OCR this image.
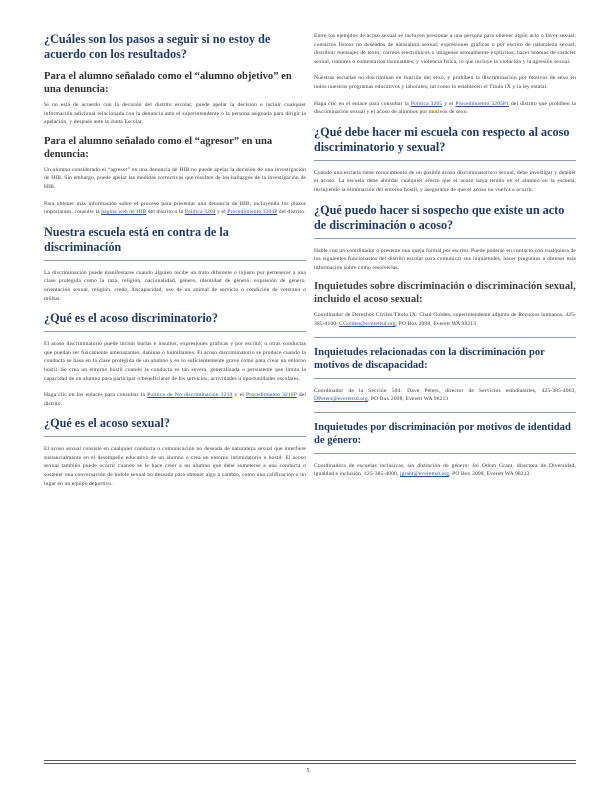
¿Cuáles son los pasos a seguir si no estoy de acuerdo con los resultados?
Para el alumno señalado como el “alumno objetivo” en una denuncia:

Si no está de acuerdo con la decisión del distrito escolar, puede apelar la decisión e incluir cualquier información adicional relacionada con la denuncia ante el superintendente o la persona asignada para dirigir la apelación, y después ante la Junta Escolar.

Para el alumno señalado como el “agresor” en una denuncia:

Un alumno considerado el “agresor” en una denuncia de HIB no puede apelar la decisión de una investigación de HIB. Sin embargo, puede apelar las medidas correctivas que resulten de los hallazgos de la investigación de HIB.

Para obtener más información sobre el proceso para presentar una denuncia de HIB, incluyendo los plazos importantes, consulte la página web de HIB del distrito o la Política 3204 y el Procedimiento 3204P del distrito.

Nuestra escuela está en contra de la discriminación

La discriminación puede manifestarse cuando alguien recibe un trato diferente o injusto por pertenecer a una clase protegida como la raza, religión, nacionalidad, género, identidad de género, expresión de género, orientación sexual, religión, credo, discapacidad, uso de un animal de servicio o condición de veterano o militar.

¿Qué es el acoso discriminatorio?

El acoso discriminatorio puede incluir burlas e insultos; expresiones gráficas y por escrito; u otras conductas que puedan ser físicamente amenazantes, dañinas o humillantes. El acoso discriminatorio se produce cuando la conducta se basa en la clase protegida de un alumno y es lo suficientemente grave como para crear un entorno hostil. Se crea un entorno hostil cuando la conducta es tan severa, generalizada o persistente que limita la capacidad de un alumno para participar o beneficiarse de los servicios, actividades u oportunidades escolares.

Haga clic en los enlaces para consultar la Política de No discriminación 3210 y el Procedimiento 3210P del distrito.

¿Qué es el acoso sexual?

El acoso sexual consiste en cualquier conducta o comunicación no deseada de naturaleza sexual que interfiere sustancialmente en el desempeño educativo de un alumno o crea un entorno intimidatorio u hostil. El acoso sexual también puede ocurrir cuando se le hace creer a un alumno que debe someterse a una conducta o sostener una conversación de índole sexual no deseada para obtener algo a cambio, como una calificación o un lugar en un equipo deportivo.

Entre los ejemplos de acoso sexual se incluyen presionar a una persona para obtener algún acto o favor sexual; contactos físicos no deseados de naturaleza sexual; expresiones gráficas o por escrito de naturaleza sexual; distribuir mensajes de texto, correos electrónicos o imágenes sexualmente explícitos; hacer bromas de carácter sexual, rumores o comentarios insinuantes; y violencia física, lo que incluye la violación y la agresión sexual.

Nuestras escuelas no discriminan en función del sexo, y prohíben la discriminación por motivos de sexo en todos nuestros programas educativos y laborales, tal como lo establecen el Título IX y la ley estatal.

Haga clic en el enlace para consultar la Política 3205 y el Procedimiento 3205P1 del distrito que prohíben la discriminación sexual y el acoso de alumnos por motivos de sexo.

¿Qué debe hacer mi escuela con respecto al acoso discriminatorio y sexual?

Cuando una escuela tiene conocimiento de un posible acoso discriminatorio o sexual, debe investigar y detener el acoso. La escuela debe abordar cualquier efecto que el acoso haya tenido en el alumno en la escuela, incluyendo la eliminación del entorno hostil, y asegurarse de que el acoso no vuelva a ocurrir.

¿Qué puedo hacer si sospecho que existe un acto de discriminación o acoso?

Hable con un coordinador o presente una queja formal por escrito. Puede ponerse en contacto con cualquiera de los siguientes funcionarios del distrito escolar para comunicar sus inquietudes, hacer preguntas u obtener más información sobre cómo resolverlas.

Inquietudes sobre discriminación o discriminación sexual, incluido el acoso sexual:

Coordinador de Derechos Civiles/Título IX: Chad Golden, superintendente adjunto de Recursos humanos, 425-385-4100, CGolden@everettsd.org, PO Box 2098, Everett WA 98213

Inquietudes relacionadas con la discriminación por motivos de discapacidad:

Coordinador de la Sección 504: Dave Peters, director de Servicios estudiantiles, 425-385-4063, DPeters@everettsd.org, PO Box 2098, Everett WA 98213

Inquietudes por discriminación por motivos de identidad de género:

Coordinadora de escuelas inclusivas, sin distinción de género: Joi Odom Grant, directora de Diversidad, igualdad e inclusión, 425-385-4000, jgrant@everettsd.org, PO Box 2098, Everett WA 98213

5
